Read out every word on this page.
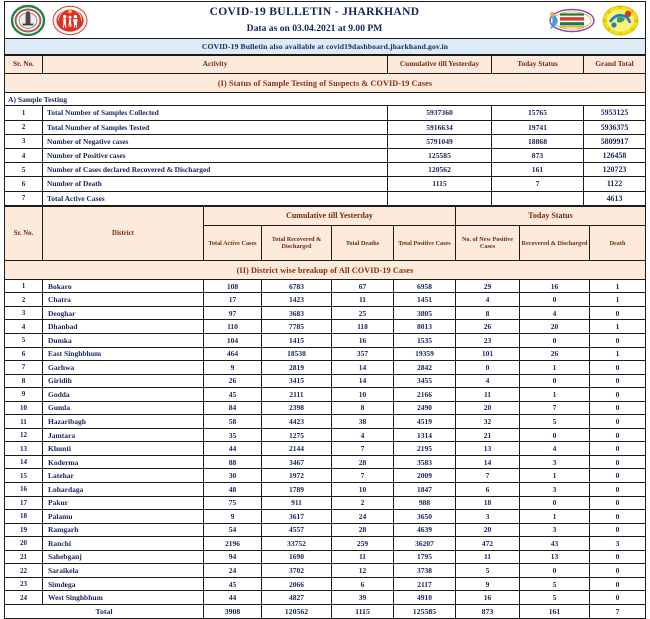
COVID-19 BULLETIN - JHARKHAND
Data as on 03.04.2021 at 9.00 PM
COVID-19 Bulletin also available at covid19dashboard.jharkhand.gov.in
(I) Status of Sample Testing of Suspects & COVID-19 Cases				
Sr. No.	Activity	Cumulative till Yesterday	Today Status	Grand Total
A) Sample Testing				
1	Total Number of Samples Collected	5937360	15765	5953125
2	Total Number of Samples Tested	5916634	19741	5936375
3	Number of Negative cases	5791049	18868	5809917
4	Number of Positive cases	125585	873	126458
5	Number of Cases declared Recovered & Discharged	120562	161	120723
6	Number of Death	1115	7	1122
7	Total Active Cases			4613
(II) District wise breakup of All COVID-19 Cases								
Sr. No.	District	Cumulative till Yesterday				Today Status		
		Total Active Cases	Total Recovered & Discharged	Total Deaths	Total Positive Cases	No. of New Positive Cases	Recovered & Discharged	Death
1	Bokaro	108	6783	67	6958	29	16	1
2	Chatra	17	1423	11	1451	4	0	1
3	Deoghar	97	3683	25	3805	8	4	0
4	Dhanbad	110	7785	118	8013	26	20	1
5	Dumka	104	1415	16	1535	23	0	0
6	East Singhbhum	464	18538	357	19359	101	26	1
7	Garhwa	9	2819	14	2842	0	1	0
8	Giridih	26	3415	14	3455	4	0	0
9	Godda	45	2111	10	2166	11	1	0
10	Gumla	84	2398	8	2490	20	7	0
11	Hazaribagh	58	4423	38	4519	32	5	0
12	Jamtara	35	1275	4	1314	21	0	0
13	Khunti	44	2144	7	2195	13	4	0
14	Koderma	88	3467	28	3583	14	3	0
15	Latehar	30	1972	7	2009	7	1	0
16	Lohardaga	48	1789	10	1847	6	3	0
17	Pakur	75	911	2	988	18	0	0
18	Palamu	9	3617	24	3650	3	1	0
19	Ramgarh	54	4557	28	4639	20	3	0
20	Ranchi	2196	33752	259	36207	472	43	3
21	Sahebganj	94	1690	11	1795	11	13	0
22	Saraikela	24	3702	12	3738	5	0	0
23	Simdega	45	2066	6	2117	9	5	0
24	West Singhbhum	44	4827	39	4910	16	5	0
Total		3908	120562	1115	125585	873	161	7
